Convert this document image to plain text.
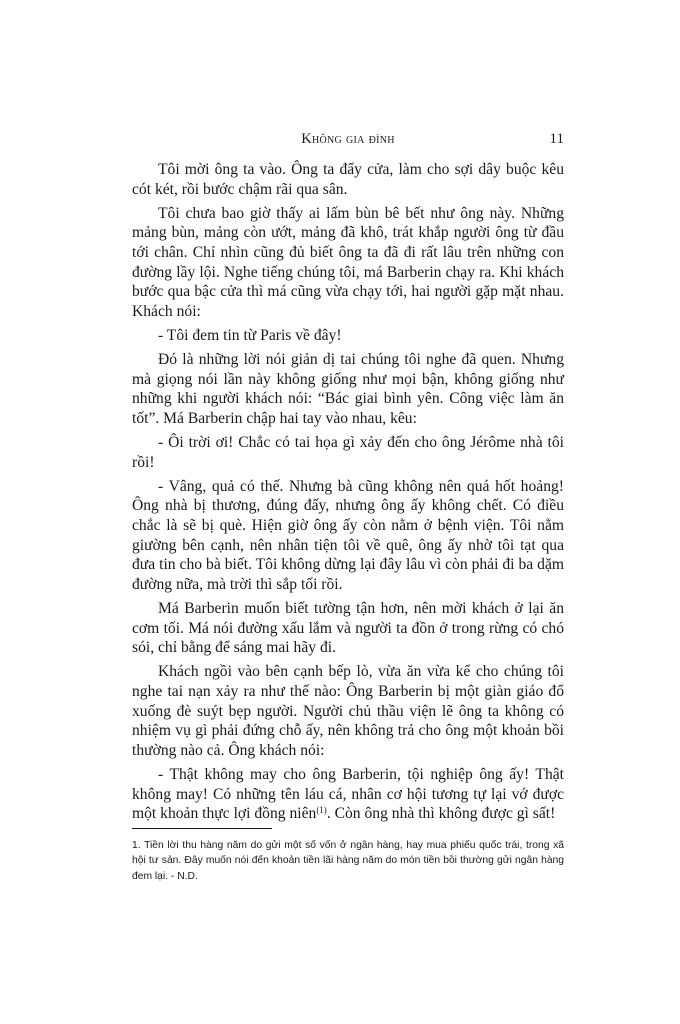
Không gia đình	11

Tôi mời ông ta vào. Ông ta đẩy cửa, làm cho sợi dây buộc kêu cót két, rồi bước chậm rãi qua sân.

Tôi chưa bao giờ thấy ai lấm bùn bê bết như ông này. Những mảng bùn, mảng còn ướt, mảng đã khô, trát khắp người ông từ đầu tới chân. Chỉ nhìn cũng đủ biết ông ta đã đi rất lâu trên những con đường lầy lội. Nghe tiếng chúng tôi, má Barberin chạy ra. Khi khách bước qua bậc cửa thì má cũng vừa chạy tới, hai người gặp mặt nhau. Khách nói:

- Tôi đem tin từ Paris về đây!

Đó là những lời nói giản dị tai chúng tôi nghe đã quen. Nhưng mà giọng nói lần này không giống như mọi bận, không giống như những khi người khách nói: “Bác giai bình yên. Công việc làm ăn tốt”. Má Barberin chập hai tay vào nhau, kêu:

- Ôi trời ơi! Chắc có tai họa gì xảy đến cho ông Jérôme nhà tôi rồi!

- Vâng, quả có thế. Nhưng bà cũng không nên quá hốt hoảng! Ông nhà bị thương, đúng đấy, nhưng ông ấy không chết. Có điều chắc là sẽ bị què. Hiện giờ ông ấy còn nằm ở bệnh viện. Tôi nằm giường bên cạnh, nên nhân tiện tôi về quê, ông ấy nhờ tôi tạt qua đưa tin cho bà biết. Tôi không dừng lại đây lâu vì còn phải đi ba dặm đường nữa, mà trời thì sắp tối rồi.

Má Barberin muốn biết tường tận hơn, nên mời khách ở lại ăn cơm tối. Má nói đường xấu lắm và người ta đồn ở trong rừng có chó sói, chỉ bằng để sáng mai hãy đi.

Khách ngồi vào bên cạnh bếp lò, vừa ăn vừa kể cho chúng tôi nghe tai nạn xảy ra như thế nào: Ông Barberin bị một giàn giáo đổ xuống đè suýt bẹp người. Người chủ thầu viện lẽ ông ta không có nhiệm vụ gì phải đứng chỗ ấy, nên không trả cho ông một khoản bồi thường nào cả. Ông khách nói:

- Thật không may cho ông Barberin, tội nghiệp ông ấy! Thật không may! Có những tên láu cá, nhân cơ hội tương tự lại vớ được một khoản thực lợi đồng niên$^{(1)}$. Còn ông nhà thì không được gì sất!

1. Tiền lời thu hàng năm do gửi một số vốn ở ngân hàng, hay mua phiếu quốc trái, trong xã hội tư sản. Đây muốn nói đến khoản tiền lãi hàng năm do món tiền bồi thường gửi ngân hàng đem lại. - N.D.
